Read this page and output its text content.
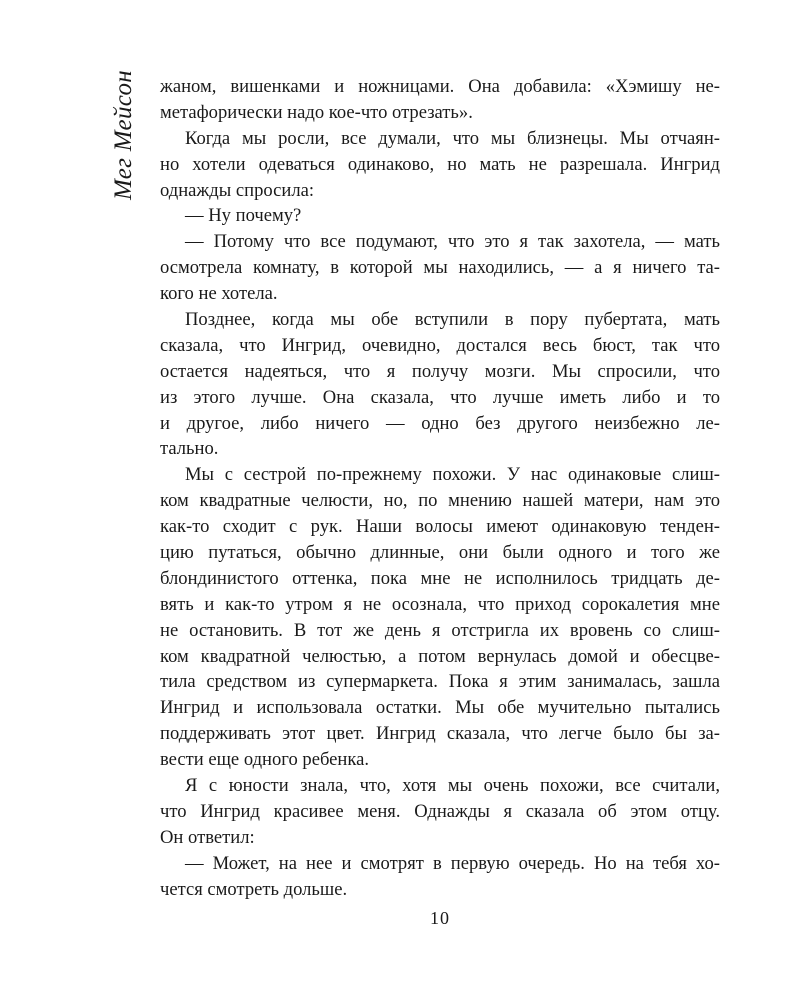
Мег Мейсон жаном, вишенками и ножницами. Она добавила: «Хэмишу не-
метафорически надо кое-что отрезать».
Когда мы росли, все думали, что мы близнецы. Мы отчаян-
но хотели одеваться одинаково, но мать не разрешала. Ингрид
однажды спросила:
— Ну почему?
— Потому что все подумают, что это я так захотела, — мать
осмотрела комнату, в которой мы находились, — а я ничего та-
кого не хотела.
Позднее, когда мы обе вступили в пору пубертата, мать
сказала, что Ингрид, очевидно, достался весь бюст, так что
остается надеяться, что я получу мозги. Мы спросили, что
из этого лучше. Она сказала, что лучше иметь либо и то
и другое, либо ничего — одно без другого неизбежно ле-
тально.
Мы с сестрой по-прежнему похожи. У нас одинаковые слиш-
ком квадратные челюсти, но, по мнению нашей матери, нам это
как-то сходит с рук. Наши волосы имеют одинаковую тенден-
цию путаться, обычно длинные, они были одного и того же
блондинистого оттенка, пока мне не исполнилось тридцать де-
вять и как-то утром я не осознала, что приход сорокалетия мне
не остановить. В тот же день я отстригла их вровень со слиш-
ком квадратной челюстью, а потом вернулась домой и обесцве-
тила средством из супермаркета. Пока я этим занималась, зашла
Ингрид и использовала остатки. Мы обе мучительно пытались
поддерживать этот цвет. Ингрид сказала, что легче было бы за-
вести еще одного ребенка.
Я с юности знала, что, хотя мы очень похожи, все считали,
что Ингрид красивее меня. Однажды я сказала об этом отцу.
Он ответил:
— Может, на нее и смотрят в первую очередь. Но на тебя хо-
чется смотреть дольше.
10
